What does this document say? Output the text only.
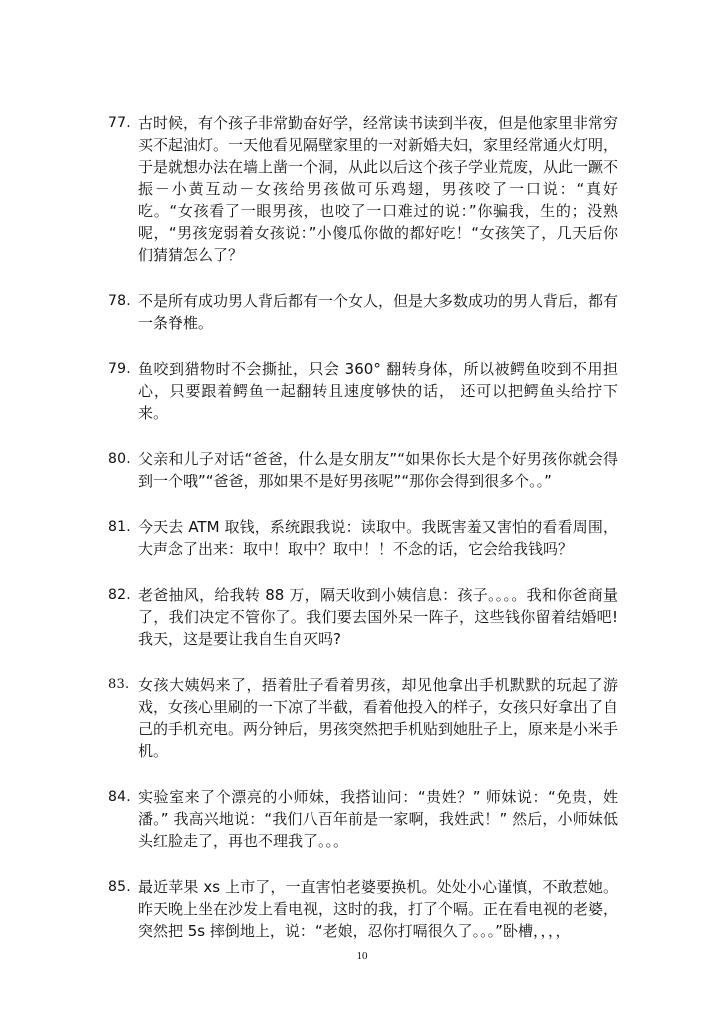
77. 古时候，有个孩子非常勤奋好学，经常读书读到半夜，但是他家里非常穷买不起油灯。一天他看见隔壁家里的一对新婚夫妇，家里经常通火灯明，于是就想办法在墙上凿一个洞，从此以后这个孩子学业荒废，从此一蹶不振－小黄互动－女孩给男孩做可乐鸡翅，男孩咬了一口说：“真好吃。“女孩看了一眼男孩，也咬了一口难过的说：”你骗我，生的；没熟呢，“男孩宠弱着女孩说：”小傻瓜你做的都好吃！“女孩笑了，几天后你们猜猜怎么了？
78. 不是所有成功男人背后都有一个女人，但是大多数成功的男人背后，都有一条脊椎。
79. 鱼咬到猎物时不会撕扯，只会 360° 翻转身体，所以被鳄鱼咬到不用担心，只要跟着鳄鱼一起翻转且速度够快的话， 还可以把鳄鱼头给拧下来。
80. 父亲和儿子对话“爸爸，什么是女朋友”“如果你长大是个好男孩你就会得到一个哦”“爸爸，那如果不是好男孩呢”“那你会得到很多个。。”
81. 今天去 ATM 取钱，系统跟我说：读取中。我既害羞又害怕的看看周围，大声念了出来：取中！取中？取中！！不念的话，它会给我钱吗？
82. 老爸抽风，给我转 88 万，隔天收到小姨信息：孩子。。。。我和你爸商量了，我们决定不管你了。我们要去国外呆一阵子，这些钱你留着结婚吧!我天，这是要让我自生自灭吗?
83. 女孩大姨妈来了，捂着肚子看着男孩，却见他拿出手机默默的玩起了游戏，女孩心里刷的一下凉了半截，看着他投入的样子，女孩只好拿出了自己的手机充电。两分钟后，男孩突然把手机贴到她肚子上，原来是小米手机。
84. 实验室来了个漂亮的小师妹，我搭讪问：“贵姓？” 师妹说：“免贵，姓潘。” 我高兴地说：“我们八百年前是一家啊，我姓武！” 然后，小师妹低头红脸走了，再也不理我了。。。
85. 最近苹果 xs 上市了，一直害怕老婆要换机。处处小心谨慎，不敢惹她。昨天晚上坐在沙发上看电视，这时的我，打了个嗝。正在看电视的老婆，突然把 5s 摔倒地上，说：“老娘，忍你打嗝很久了。。。”卧槽，，，，
10
